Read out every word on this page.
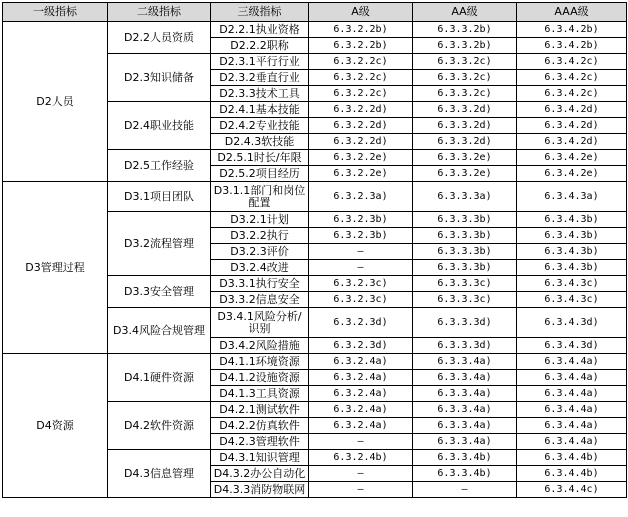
一级指标	二级指标	三级指标	A级	AA级	AAA级
D2人员	D2.2人员资质	D2.2.1执业资格	6.3.2.2b)	6.3.3.2b)	6.3.4.2b)
		D2.2.2职称	6.3.2.2b)	6.3.3.2b)	6.3.4.2b)
	D2.3知识储备	D2.3.1平行行业	6.3.2.2c)	6.3.3.2c)	6.3.4.2c)
		D2.3.2垂直行业	6.3.2.2c)	6.3.3.2c)	6.3.4.2c)
		D2.3.3技术工具	6.3.2.2c)	6.3.3.2c)	6.3.4.2c)
	D2.4职业技能	D2.4.1基本技能	6.3.2.2d)	6.3.3.2d)	6.3.4.2d)
		D2.4.2专业技能	6.3.2.2d)	6.3.3.2d)	6.3.4.2d)
		D2.4.3软技能	6.3.2.2d)	6.3.3.2d)	6.3.4.2d)
	D2.5工作经验	D2.5.1时长/年限	6.3.2.2e)	6.3.3.2e)	6.3.4.2e)
		D2.5.2项目经历	6.3.2.2e)	6.3.3.2e)	6.3.4.2e)
D3管理过程	D3.1项目团队	D3.1.1部门和岗位配置	6.3.2.3a)	6.3.3.3a)	6.3.4.3a)
	D3.2流程管理	D3.2.1计划	6.3.2.3b)	6.3.3.3b)	6.3.4.3b)
		D3.2.2执行	6.3.2.3b)	6.3.3.3b)	6.3.4.3b)
		D3.2.3评价	—	6.3.3.3b)	6.3.4.3b)
		D3.2.4改进	—	6.3.3.3b)	6.3.4.3b)
	D3.3安全管理	D3.3.1执行安全	6.3.2.3c)	6.3.3.3c)	6.3.4.3c)
		D3.3.2信息安全	6.3.2.3c)	6.3.3.3c)	6.3.4.3c)
	D3.4风险合规管理	D3.4.1风险分析/识别	6.3.2.3d)	6.3.3.3d)	6.3.4.3d)
		D3.4.2风险措施	6.3.2.3d)	6.3.3.3d)	6.3.4.3d)
D4资源	D4.1硬件资源	D4.1.1环境资源	6.3.2.4a)	6.3.3.4a)	6.3.4.4a)
		D4.1.2设施资源	6.3.2.4a)	6.3.3.4a)	6.3.4.4a)
		D4.1.3工具资源	6.3.2.4a)	6.3.3.4a)	6.3.4.4a)
	D4.2软件资源	D4.2.1测试软件	6.3.2.4a)	6.3.3.4a)	6.3.4.4a)
		D4.2.2仿真软件	6.3.2.4a)	6.3.3.4a)	6.3.4.4a)
		D4.2.3管理软件	—	6.3.3.4a)	6.3.4.4a)
	D4.3信息管理	D4.3.1知识管理	6.3.2.4b)	6.3.3.4b)	6.3.4.4b)
		D4.3.2办公自动化	—	6.3.3.4b)	6.3.4.4b)
		D4.3.3消防物联网	—	—	6.3.4.4c)
